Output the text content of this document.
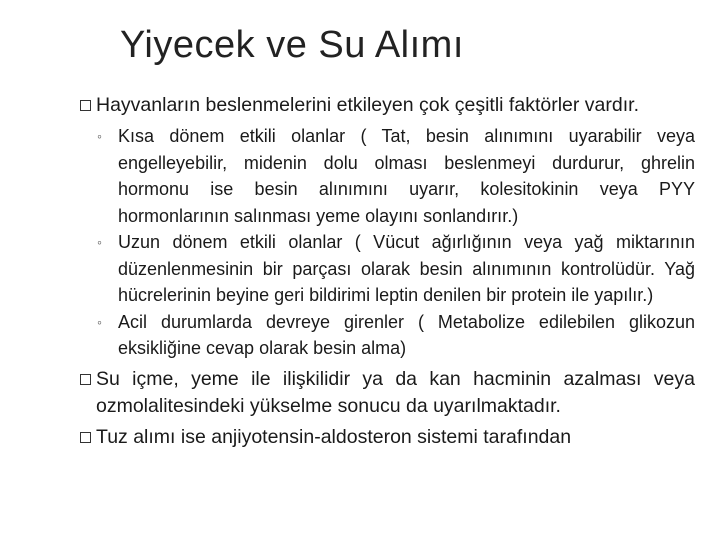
Yiyecek ve Su Alımı
Hayvanların beslenmelerini etkileyen çok çeşitli faktörler vardır.
◦ Kısa dönem etkili olanlar ( Tat, besin alınımını uyarabilir veya engelleyebilir, midenin dolu olması beslenmeyi durdurur, ghrelin hormonu ise besin alınımını uyarır, kolesitokinin veya PYY hormonlarının salınması yeme olayını sonlandırır.)
◦ Uzun dönem etkili olanlar ( Vücut ağırlığının veya yağ miktarının düzenlenmesinin bir parçası olarak besin alınımının kontrolüdür. Yağ hücrelerinin beyine geri bildirimi leptin denilen bir protein ile yapılır.)
◦ Acil durumlarda devreye girenler ( Metabolize edilebilen glikozun eksikliğine cevap olarak besin alma)
Su içme, yeme ile ilişkilidir ya da kan hacminin azalması veya ozmolalitesindeki yükselme sonucu da uyarılmaktadır.
Tuz alımı ise anjiyotensin-aldosteron sistemi tarafından
